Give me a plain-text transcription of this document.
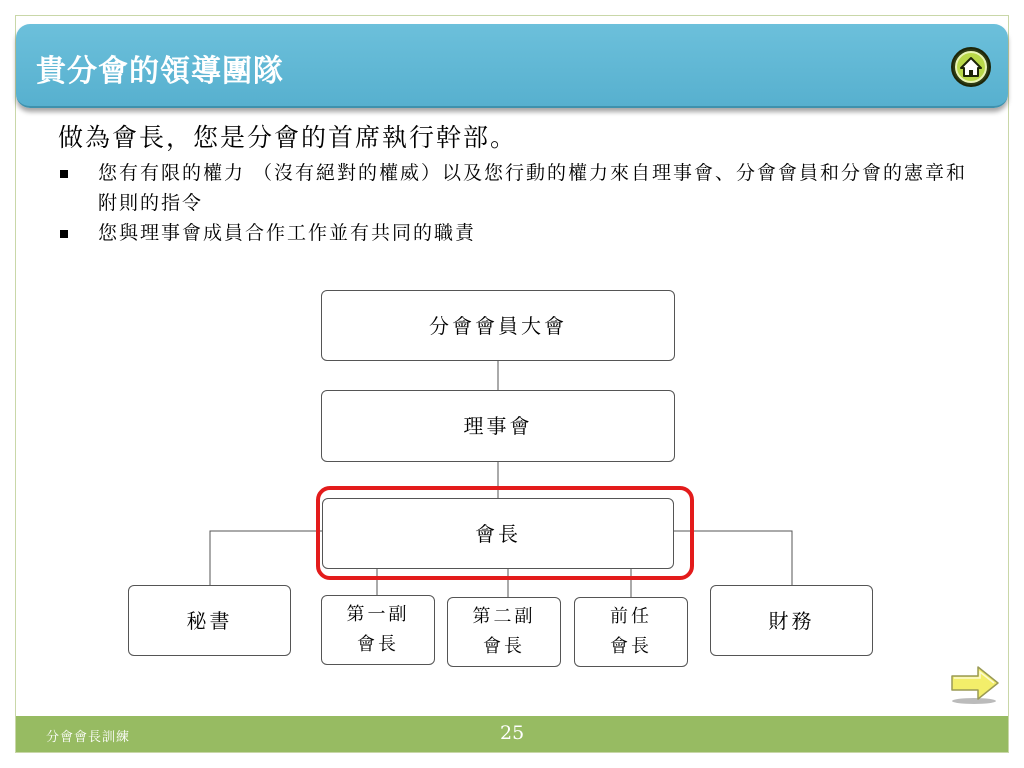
貴分會的領導團隊
做為會長，您是分會的首席執行幹部。
您有有限的權力 （沒有絕對的權威）以及您行動的權力來自理事會、分會會員和分會的憲章和附則的指令
您與理事會成員合作工作並有共同的職責
分會會員大會
理事會
會長
秘書	第一副
會長
第二副
會長
前任
會長
財務
分會會長訓練	25
